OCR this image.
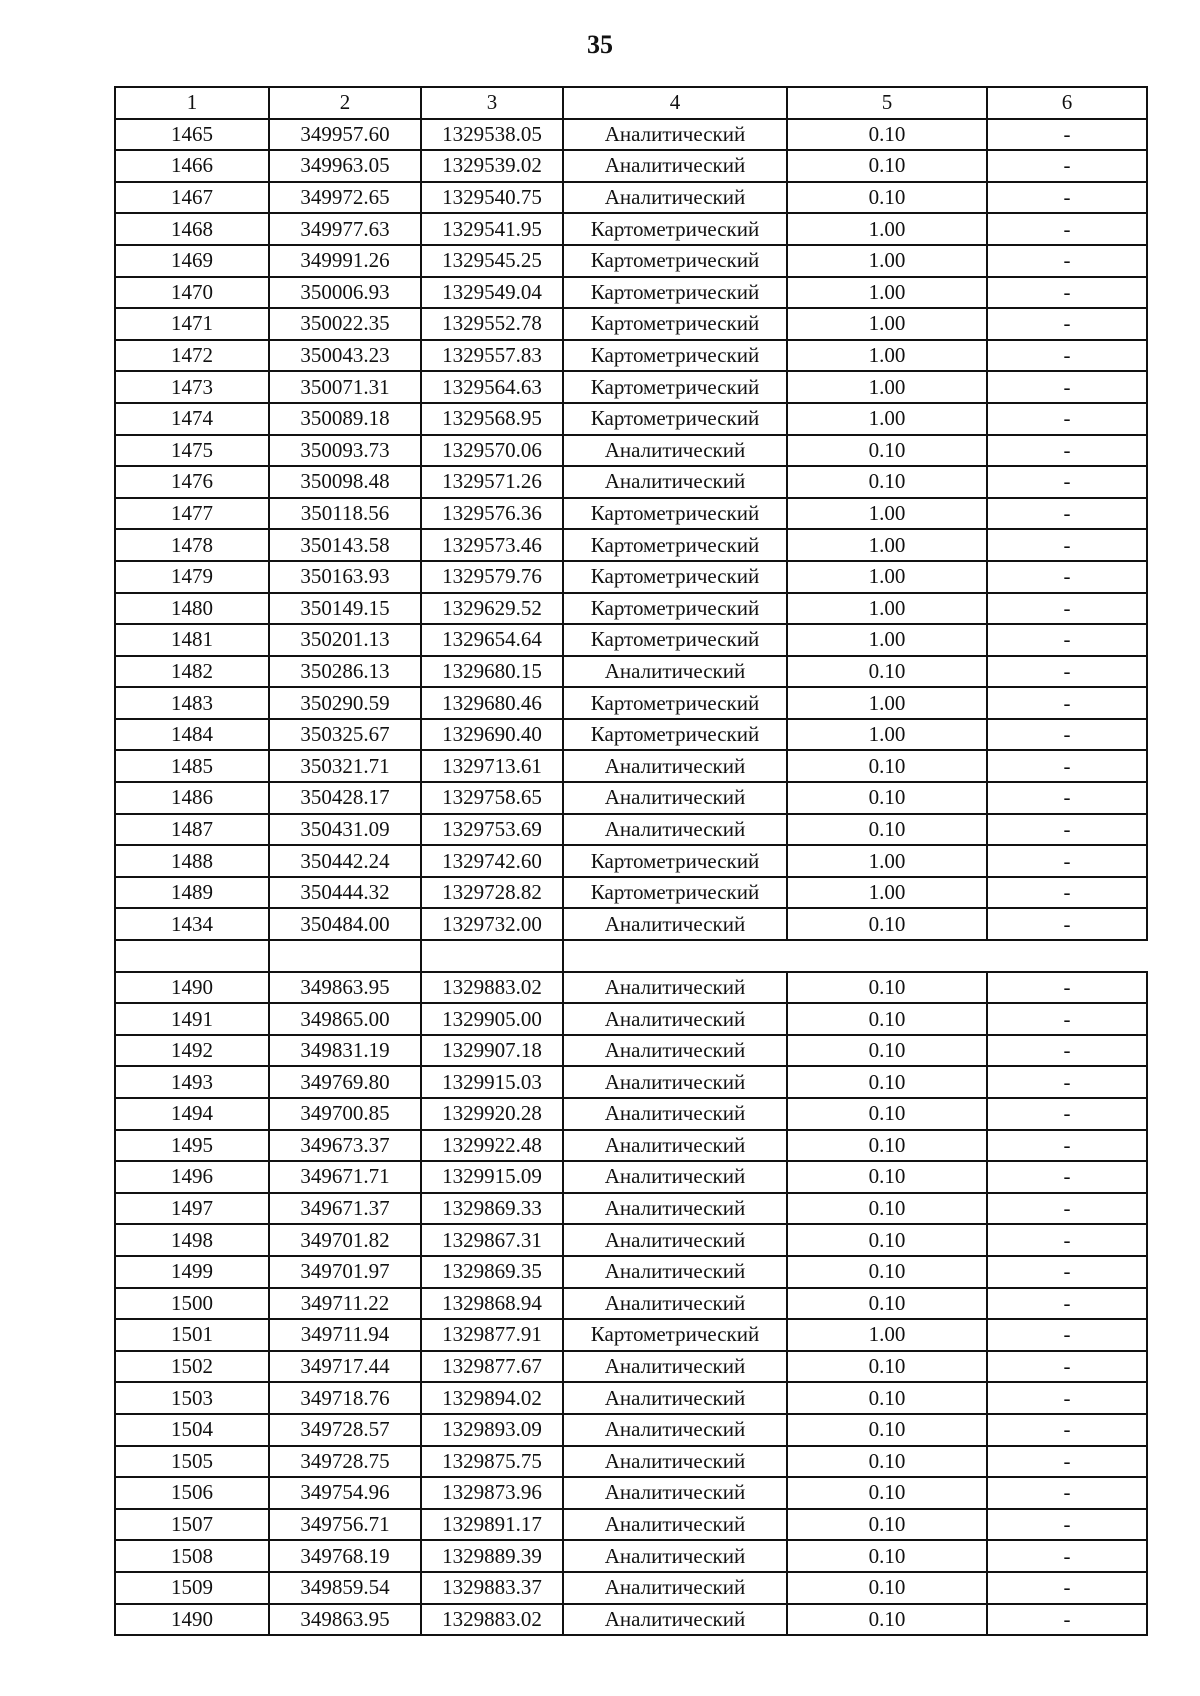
35
1	2	3	4	5	6
1465	349957.60	1329538.05	Аналитический	0.10	-
1466	349963.05	1329539.02	Аналитический	0.10	-
1467	349972.65	1329540.75	Аналитический	0.10	-
1468	349977.63	1329541.95	Картометрический	1.00	-
1469	349991.26	1329545.25	Картометрический	1.00	-
1470	350006.93	1329549.04	Картометрический	1.00	-
1471	350022.35	1329552.78	Картометрический	1.00	-
1472	350043.23	1329557.83	Картометрический	1.00	-
1473	350071.31	1329564.63	Картометрический	1.00	-
1474	350089.18	1329568.95	Картометрический	1.00	-
1475	350093.73	1329570.06	Аналитический	0.10	-
1476	350098.48	1329571.26	Аналитический	0.10	-
1477	350118.56	1329576.36	Картометрический	1.00	-
1478	350143.58	1329573.46	Картометрический	1.00	-
1479	350163.93	1329579.76	Картометрический	1.00	-
1480	350149.15	1329629.52	Картометрический	1.00	-
1481	350201.13	1329654.64	Картометрический	1.00	-
1482	350286.13	1329680.15	Аналитический	0.10	-
1483	350290.59	1329680.46	Картометрический	1.00	-
1484	350325.67	1329690.40	Картометрический	1.00	-
1485	350321.71	1329713.61	Аналитический	0.10	-
1486	350428.17	1329758.65	Аналитический	0.10	-
1487	350431.09	1329753.69	Аналитический	0.10	-
1488	350442.24	1329742.60	Картометрический	1.00	-
1489	350444.32	1329728.82	Картометрический	1.00	-
1434	350484.00	1329732.00	Аналитический	0.10	-

1490	349863.95	1329883.02	Аналитический	0.10	-
1491	349865.00	1329905.00	Аналитический	0.10	-
1492	349831.19	1329907.18	Аналитический	0.10	-
1493	349769.80	1329915.03	Аналитический	0.10	-
1494	349700.85	1329920.28	Аналитический	0.10	-
1495	349673.37	1329922.48	Аналитический	0.10	-
1496	349671.71	1329915.09	Аналитический	0.10	-
1497	349671.37	1329869.33	Аналитический	0.10	-
1498	349701.82	1329867.31	Аналитический	0.10	-
1499	349701.97	1329869.35	Аналитический	0.10	-
1500	349711.22	1329868.94	Аналитический	0.10	-
1501	349711.94	1329877.91	Картометрический	1.00	-
1502	349717.44	1329877.67	Аналитический	0.10	-
1503	349718.76	1329894.02	Аналитический	0.10	-
1504	349728.57	1329893.09	Аналитический	0.10	-
1505	349728.75	1329875.75	Аналитический	0.10	-
1506	349754.96	1329873.96	Аналитический	0.10	-
1507	349756.71	1329891.17	Аналитический	0.10	-
1508	349768.19	1329889.39	Аналитический	0.10	-
1509	349859.54	1329883.37	Аналитический	0.10	-
1490	349863.95	1329883.02	Аналитический	0.10	-
